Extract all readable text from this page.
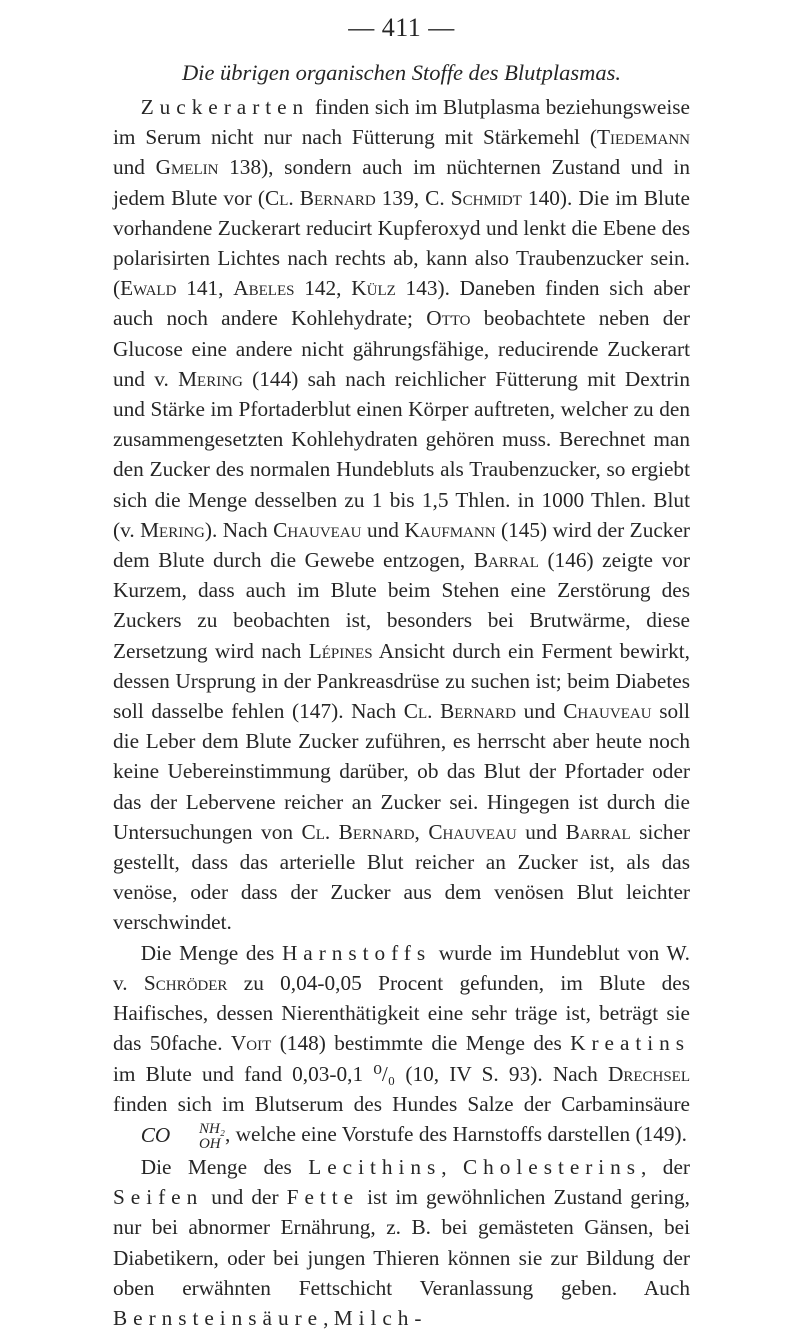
— 411 —
Die übrigen organischen Stoffe des Blutplasmas.

Zuckerarten finden sich im Blutplasma beziehungsweise im Serum nicht nur nach Fütterung mit Stärkemehl (Tiedemann und Gmelin 138), sondern auch im nüchternen Zustand und in jedem Blute vor (Cl. Bernard 139, C. Schmidt 140). Die im Blute vorhandene Zuckerart reducirt Kupferoxyd und lenkt die Ebene des polarisirten Lichtes nach rechts ab, kann also Traubenzucker sein. (Ewald 141, Abeles 142, Külz 143). Daneben finden sich aber auch noch andere Kohlehydrate; Otto beobachtete neben der Glucose eine andere nicht gährungsfähige, reducirende Zuckerart und v. Mering (144) sah nach reichlicher Fütterung mit Dextrin und Stärke im Pfortaderblut einen Körper auftreten, welcher zu den zusammengesetzten Kohlehydraten gehören muss. Berechnet man den Zucker des normalen Hundebluts als Traubenzucker, so ergiebt sich die Menge desselben zu 1 bis 1,5 Thlen. in 1000 Thlen. Blut (v. Mering). Nach Chauveau und Kaufmann (145) wird der Zucker dem Blute durch die Gewebe entzogen, Barral (146) zeigte vor Kurzem, dass auch im Blute beim Stehen eine Zerstörung des Zuckers zu beobachten ist, besonders bei Brutwärme, diese Zersetzung wird nach Lépines Ansicht durch ein Ferment bewirkt, dessen Ursprung in der Pankreasdrüse zu suchen ist; beim Diabetes soll dasselbe fehlen (147). Nach Cl. Bernard und Chauveau soll die Leber dem Blute Zucker zuführen, es herrscht aber heute noch keine Uebereinstimmung darüber, ob das Blut der Pfortader oder das der Lebervene reicher an Zucker sei. Hingegen ist durch die Untersuchungen von Cl. Bernard, Chauveau und Barral sicher gestellt, dass das arterielle Blut reicher an Zucker ist, als das venöse, oder dass der Zucker aus dem venösen Blut leichter verschwindet.

Die Menge des Harnstoffs wurde im Hundeblut von W. v. Schröder zu 0,04-0,05 Procent gefunden, im Blute des Haifisches, dessen Nierenthätigkeit eine sehr träge ist, beträgt sie das 50fache. Voit (148) bestimmte die Menge des Kreatins im Blute und fand 0,03-0,1 ⁰/₀ (10, IV S. 93). Nach Drechsel finden sich im Blutserum des Hundes Salze der Carbaminsäure CO	NH₂
OH , welche eine Vorstufe des Harnstoffs darstellen (149).

Die Menge des Lecithins, Cholesterins, der Seifen und der Fette ist im gewöhnlichen Zustand gering, nur bei abnormer Ernährung, z. B. bei gemästeten Gänsen, bei Diabetikern, oder bei jungen Thieren können sie zur Bildung der oben erwähnten Fettschicht Veranlassung geben. Auch Bernsteinsäure, Milch-
